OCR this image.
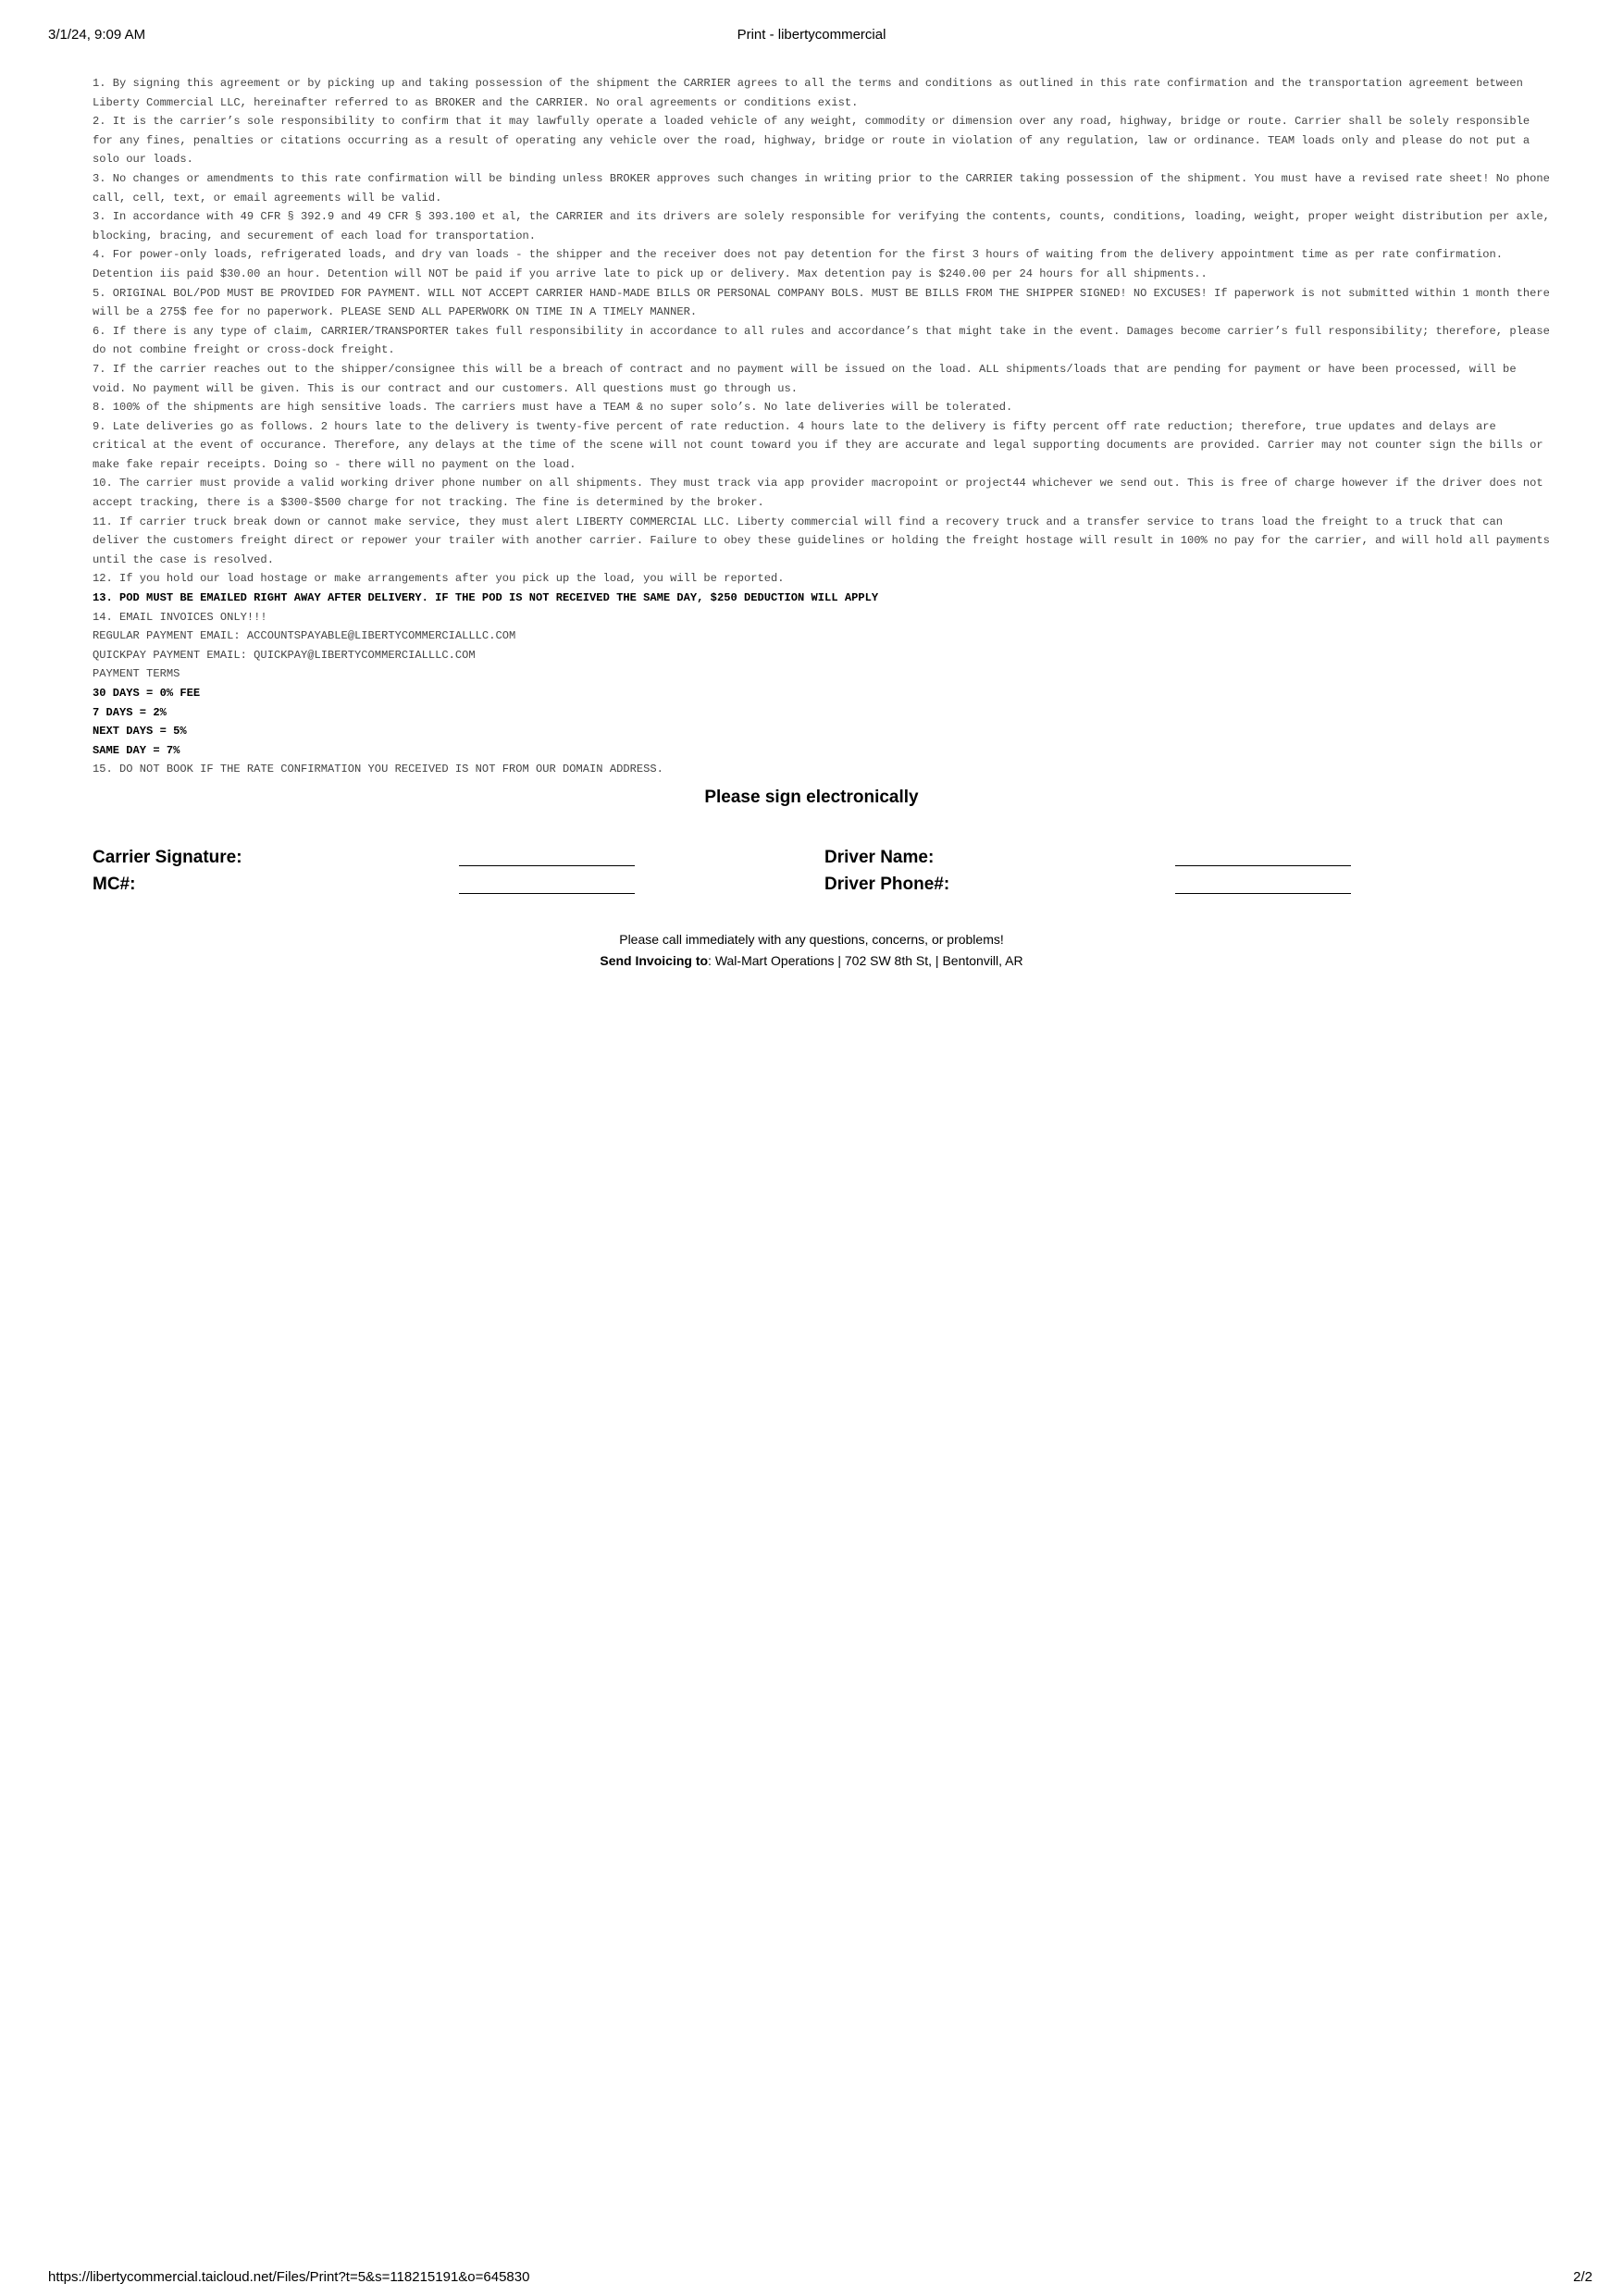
3/1/24, 9:09 AM	Print - libertycommercial

1. By signing this agreement or by picking up and taking possession of the shipment the CARRIER agrees to all the terms and conditions as outlined in this rate confirmation and the transportation agreement between Liberty Commercial LLC, hereinafter referred to as BROKER and the CARRIER. No oral agreements or conditions exist.

2. It is the carrier’s sole responsibility to confirm that it may lawfully operate a loaded vehicle of any weight, commodity or dimension over any road, highway, bridge or route. Carrier shall be solely responsible for any fines, penalties or citations occurring as a result of operating any vehicle over the road, highway, bridge or route in violation of any regulation, law or ordinance. TEAM loads only and please do not put a solo our loads.

3. No changes or amendments to this rate confirmation will be binding unless BROKER approves such changes in writing prior to the CARRIER taking possession of the shipment. You must have a revised rate sheet! No phone call, cell, text, or email agreements will be valid.

3. In accordance with 49 CFR § 392.9 and 49 CFR § 393.100 et al, the CARRIER and its drivers are solely responsible for verifying the contents, counts, conditions, loading, weight, proper weight distribution per axle, blocking, bracing, and securement of each load for transportation.

4. For power-only loads, refrigerated loads, and dry van loads - the shipper and the receiver does not pay detention for the first 3 hours of waiting from the delivery appointment time as per rate confirmation. Detention iis paid $30.00 an hour. Detention will NOT be paid if you arrive late to pick up or delivery. Max detention pay is $240.00 per 24 hours for all shipments..

5. ORIGINAL BOL/POD MUST BE PROVIDED FOR PAYMENT. WILL NOT ACCEPT CARRIER HAND-MADE BILLS OR PERSONAL COMPANY BOLS. MUST BE BILLS FROM THE SHIPPER SIGNED! NO EXCUSES! If paperwork is not submitted within 1 month there will be a 275$ fee for no paperwork. PLEASE SEND ALL PAPERWORK ON TIME IN A TIMELY MANNER.

6. If there is any type of claim, CARRIER/TRANSPORTER takes full responsibility in accordance to all rules and accordance’s that might take in the event. Damages become carrier’s full responsibility; therefore, please do not combine freight or cross-dock freight.

7. If the carrier reaches out to the shipper/consignee this will be a breach of contract and no payment will be issued on the load. ALL shipments/loads that are pending for payment or have been processed, will be void. No payment will be given. This is our contract and our customers. All questions must go through us.

8. 100% of the shipments are high sensitive loads. The carriers must have a TEAM & no super solo’s. No late deliveries will be tolerated.

9. Late deliveries go as follows. 2 hours late to the delivery is twenty-five percent of rate reduction. 4 hours late to the delivery is fifty percent off rate reduction; therefore, true updates and delays are critical at the event of occurance. Therefore, any delays at the time of the scene will not count toward you if they are accurate and legal supporting documents are provided. Carrier may not counter sign the bills or make fake repair receipts. Doing so - there will no payment on the load.

10. The carrier must provide a valid working driver phone number on all shipments. They must track via app provider macropoint or project44 whichever we send out. This is free of charge however if the driver does not accept tracking, there is a $300-$500 charge for not tracking. The fine is determined by the broker.

11. If carrier truck break down or cannot make service, they must alert LIBERTY COMMERCIAL LLC. Liberty commercial will find a recovery truck and a transfer service to trans load the freight to a truck that can deliver the customers freight direct or repower your trailer with another carrier. Failure to obey these guidelines or holding the freight hostage will result in 100% no pay for the carrier, and will hold all payments until the case is resolved.

12. If you hold our load hostage or make arrangements after you pick up the load, you will be reported.

13. POD MUST BE EMAILED RIGHT AWAY AFTER DELIVERY. IF THE POD IS NOT RECEIVED THE SAME DAY, $250 DEDUCTION WILL APPLY

14. EMAIL INVOICES ONLY!!!

REGULAR PAYMENT EMAIL: ACCOUNTSPAYABLE@LIBERTYCOMMERCIALLLC.COM

QUICKPAY PAYMENT EMAIL: QUICKPAY@LIBERTYCOMMERCIALLLC.COM

PAYMENT TERMS

30 DAYS = 0% FEE

7 DAYS = 2%

NEXT DAYS = 5%

SAME DAY = 7%

15. DO NOT BOOK IF THE RATE CONFIRMATION YOU RECEIVED IS NOT FROM OUR DOMAIN ADDRESS.

Please sign electronically
Carrier Signature:
MC#:
Driver Name:
Driver Phone#:
Please call immediately with any questions, concerns, or problems!
Send Invoicing to: Wal-Mart Operations | 702 SW 8th St, | Bentonvill, AR
https://libertycommercial.taicloud.net/Files/Print?t=5&s=118215191&o=645830	2/2
